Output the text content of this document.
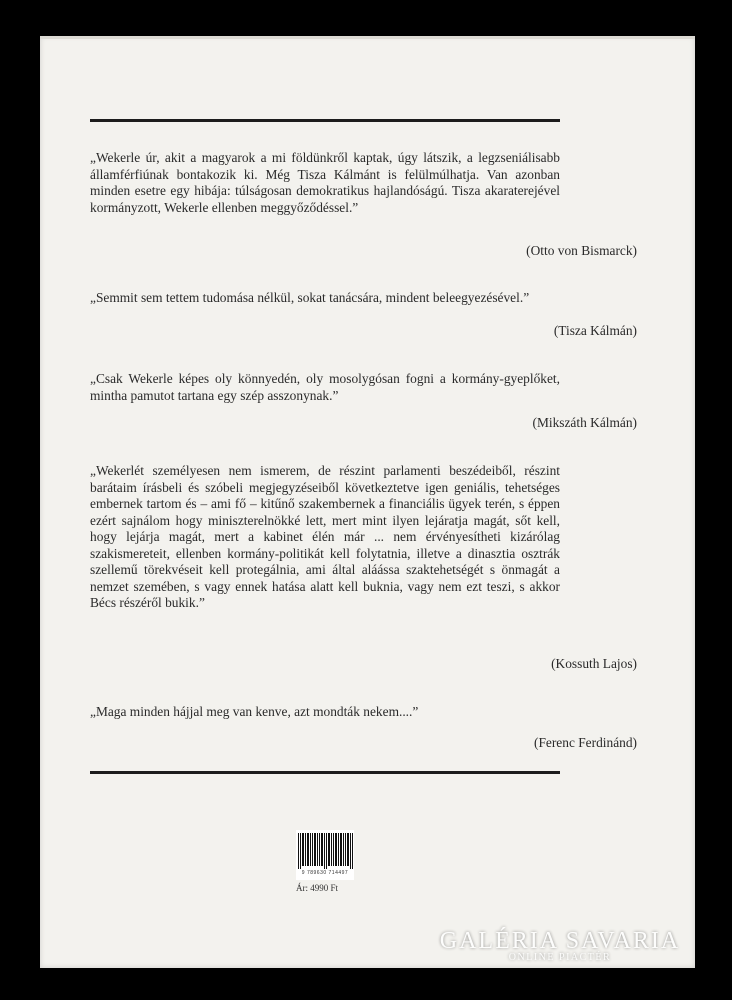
„Wekerle úr, akit a magyarok a mi földünkről kaptak, úgy látszik, a legzseniálisabb államférfiúnak bontakozik ki. Még Tisza Kálmánt is felülmúlhatja. Van azonban minden esetre egy hibája: túlságosan demokratikus hajlandóságú. Tisza akaraterejével kormányzott, Wekerle ellenben meggyőződéssel.”
(Otto von Bismarck)
„Semmit sem tettem tudomása nélkül, sokat tanácsára, mindent beleegyezésével.”
(Tisza Kálmán)
„Csak Wekerle képes oly könnyedén, oly mosolygósan fogni a kormány-gyeplőket, mintha pamutot tartana egy szép asszonynak.”
(Mikszáth Kálmán)
„Wekerlét személyesen nem ismerem, de részint parlamenti beszédeiből, részint barátaim írásbeli és szóbeli megjegyzéseiből következtetve igen geniális, tehetséges embernek tartom és – ami fő – kitűnő szakembernek a financiális ügyek terén, s éppen ezért sajnálom hogy miniszterelnökké lett, mert mint ilyen lejáratja magát, sőt kell, hogy lejárja magát, mert a kabinet élén már ... nem érvényesítheti kizárólag szakismereteit, ellenben kormány-politikát kell folytatnia, illetve a dinasztia osztrák szellemű törekvéseit kell protegálnia, ami által aláássa szaktehetségét s önmagát a nemzet szemében, s vagy ennek hatása alatt kell buknia, vagy nem ezt teszi, s akkor Bécs részéről bukik.”
(Kossuth Lajos)
„Maga minden hájjal meg van kenve, azt mondták nekem....”
(Ferenc Ferdinánd)
9 789630 714497
Ár: 4990 Ft
GALÉRIA SAVARIA
ONLINE PIACTÉR
